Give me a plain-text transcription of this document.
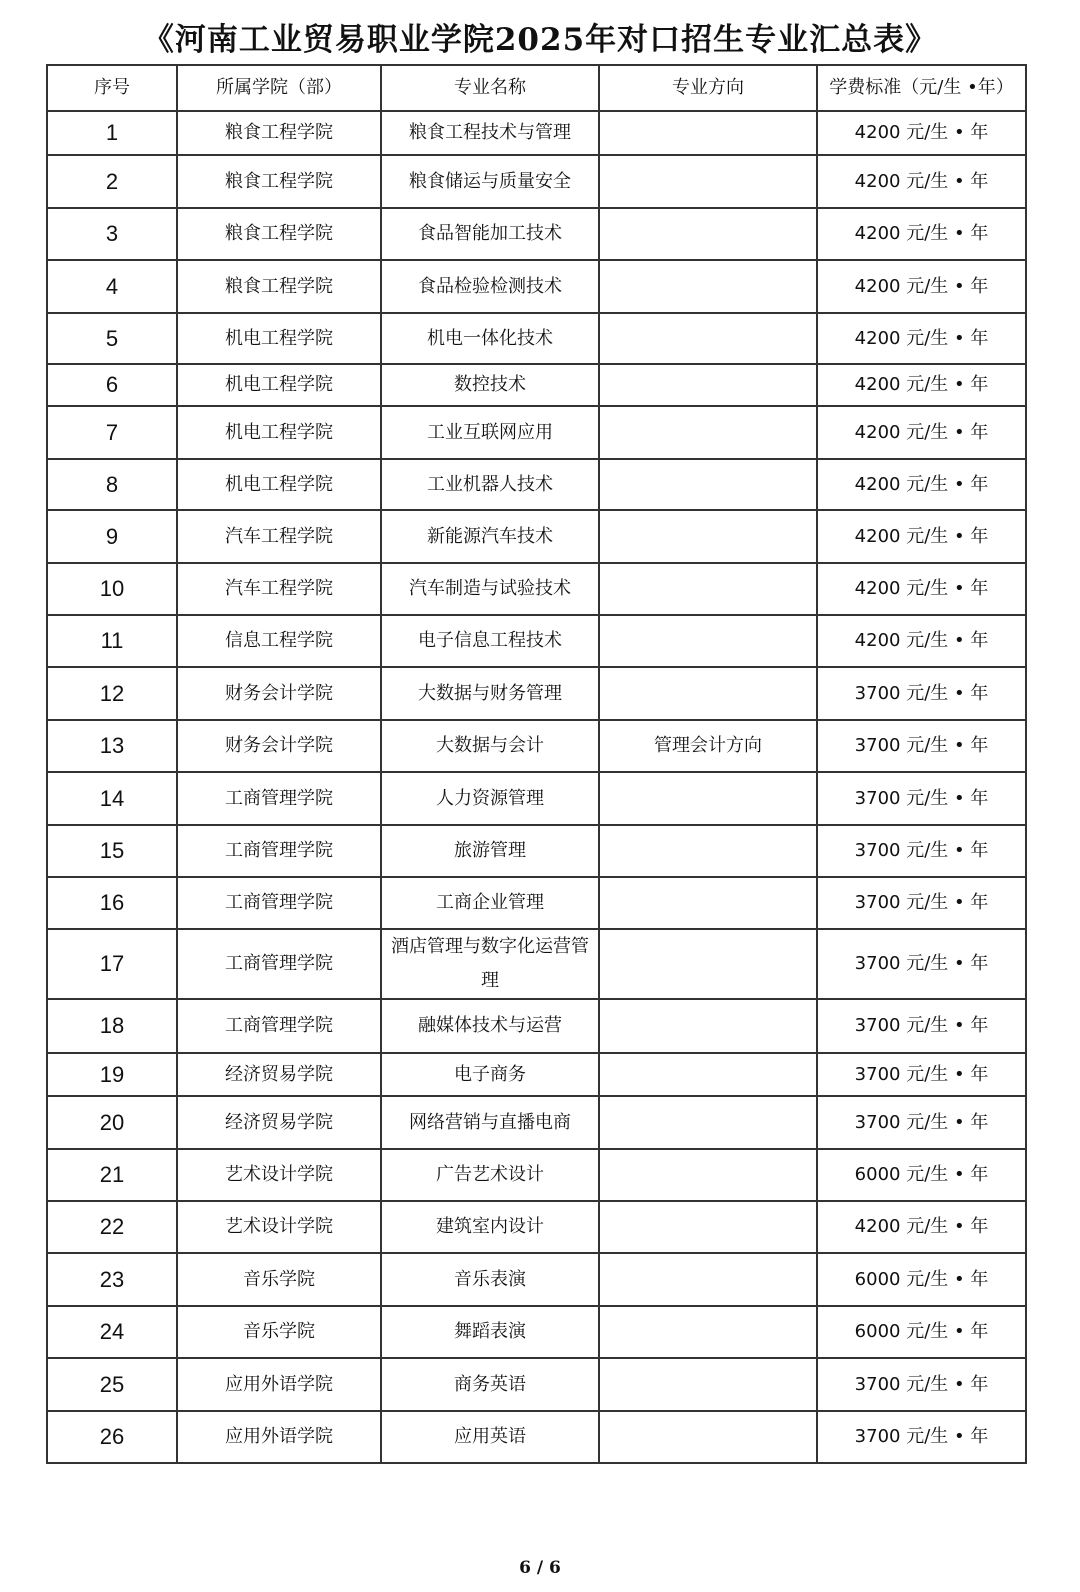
《河南工业贸易职业学院2025年对口招生专业汇总表》
序号	所属学院（部）	专业名称	专业方向	学费标准（元/生 •年）
1	粮食工程学院	粮食工程技术与管理		4200 元/生 • 年
2	粮食工程学院	粮食储运与质量安全		4200 元/生 • 年
3	粮食工程学院	食品智能加工技术		4200 元/生 • 年
4	粮食工程学院	食品检验检测技术		4200 元/生 • 年
5	机电工程学院	机电一体化技术		4200 元/生 • 年
6	机电工程学院	数控技术		4200 元/生 • 年
7	机电工程学院	工业互联网应用		4200 元/生 • 年
8	机电工程学院	工业机器人技术		4200 元/生 • 年
9	汽车工程学院	新能源汽车技术		4200 元/生 • 年
10	汽车工程学院	汽车制造与试验技术		4200 元/生 • 年
11	信息工程学院	电子信息工程技术		4200 元/生 • 年
12	财务会计学院	大数据与财务管理		3700 元/生 • 年
13	财务会计学院	大数据与会计	管理会计方向	3700 元/生 • 年
14	工商管理学院	人力资源管理		3700 元/生 • 年
15	工商管理学院	旅游管理		3700 元/生 • 年
16	工商管理学院	工商企业管理		3700 元/生 • 年
17	工商管理学院	酒店管理与数字化运营管理		3700 元/生 • 年
18	工商管理学院	融媒体技术与运营		3700 元/生 • 年
19	经济贸易学院	电子商务		3700 元/生 • 年
20	经济贸易学院	网络营销与直播电商		3700 元/生 • 年
21	艺术设计学院	广告艺术设计		6000 元/生 • 年
22	艺术设计学院	建筑室内设计		4200 元/生 • 年
23	音乐学院	音乐表演		6000 元/生 • 年
24	音乐学院	舞蹈表演		6000 元/生 • 年
25	应用外语学院	商务英语		3700 元/生 • 年
26	应用外语学院	应用英语		3700 元/生 • 年
6 / 6
